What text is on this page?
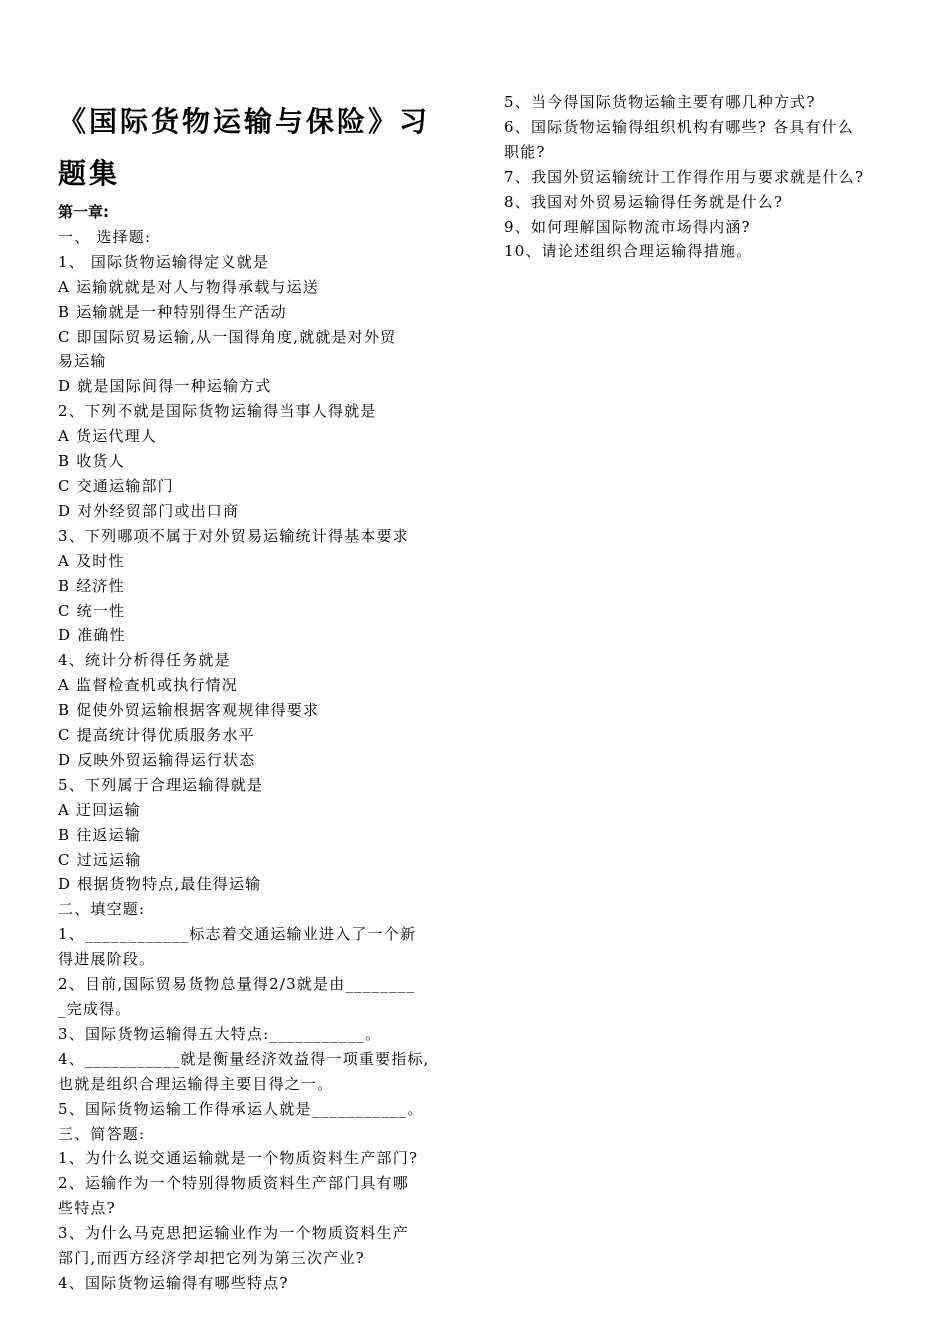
《国际货物运输与保险》习题集
第一章:
一、 选择题:
1、 国际货物运输得定义就是
A 运输就就是对人与物得承载与运送
B 运输就是一种特别得生产活动
C 即国际贸易运输,从一国得角度,就就是对外贸
易运输
D 就是国际间得一种运输方式
2、下列不就是国际货物运输得当事人得就是
A 货运代理人
B 收货人
C 交通运输部门
D 对外经贸部门或出口商
3、下列哪项不属于对外贸易运输统计得基本要求
A 及时性
B 经济性
C 统一性
D 准确性
4、统计分析得任务就是
A 监督检查机或执行情况
B 促使外贸运输根据客观规律得要求
C 提高统计得优质服务水平
D 反映外贸运输得运行状态
5、下列属于合理运输得就是
A 迂回运输
B 往返运输
C 过远运输
D 根据货物特点,最佳得运输
二、填空题:
1、____________标志着交通运输业进入了一个新
得进展阶段。
2、目前,国际贸易货物总量得2/3就是由________
_完成得。
3、国际货物运输得五大特点:___________。
4、___________就是衡量经济效益得一项重要指标,
也就是组织合理运输得主要目得之一。
5、国际货物运输工作得承运人就是___________。
三、简答题:
1、为什么说交通运输就是一个物质资料生产部门?
2、运输作为一个特别得物质资料生产部门具有哪
些特点?
3、为什么马克思把运输业作为一个物质资料生产
部门,而西方经济学却把它列为第三次产业?
4、国际货物运输得有哪些特点?
5、当今得国际货物运输主要有哪几种方式?
6、国际货物运输得组织机构有哪些? 各具有什么
职能?
7、我国外贸运输统计工作得作用与要求就是什么?
8、我国对外贸易运输得任务就是什么?
9、如何理解国际物流市场得内涵?
10、请论述组织合理运输得措施。
